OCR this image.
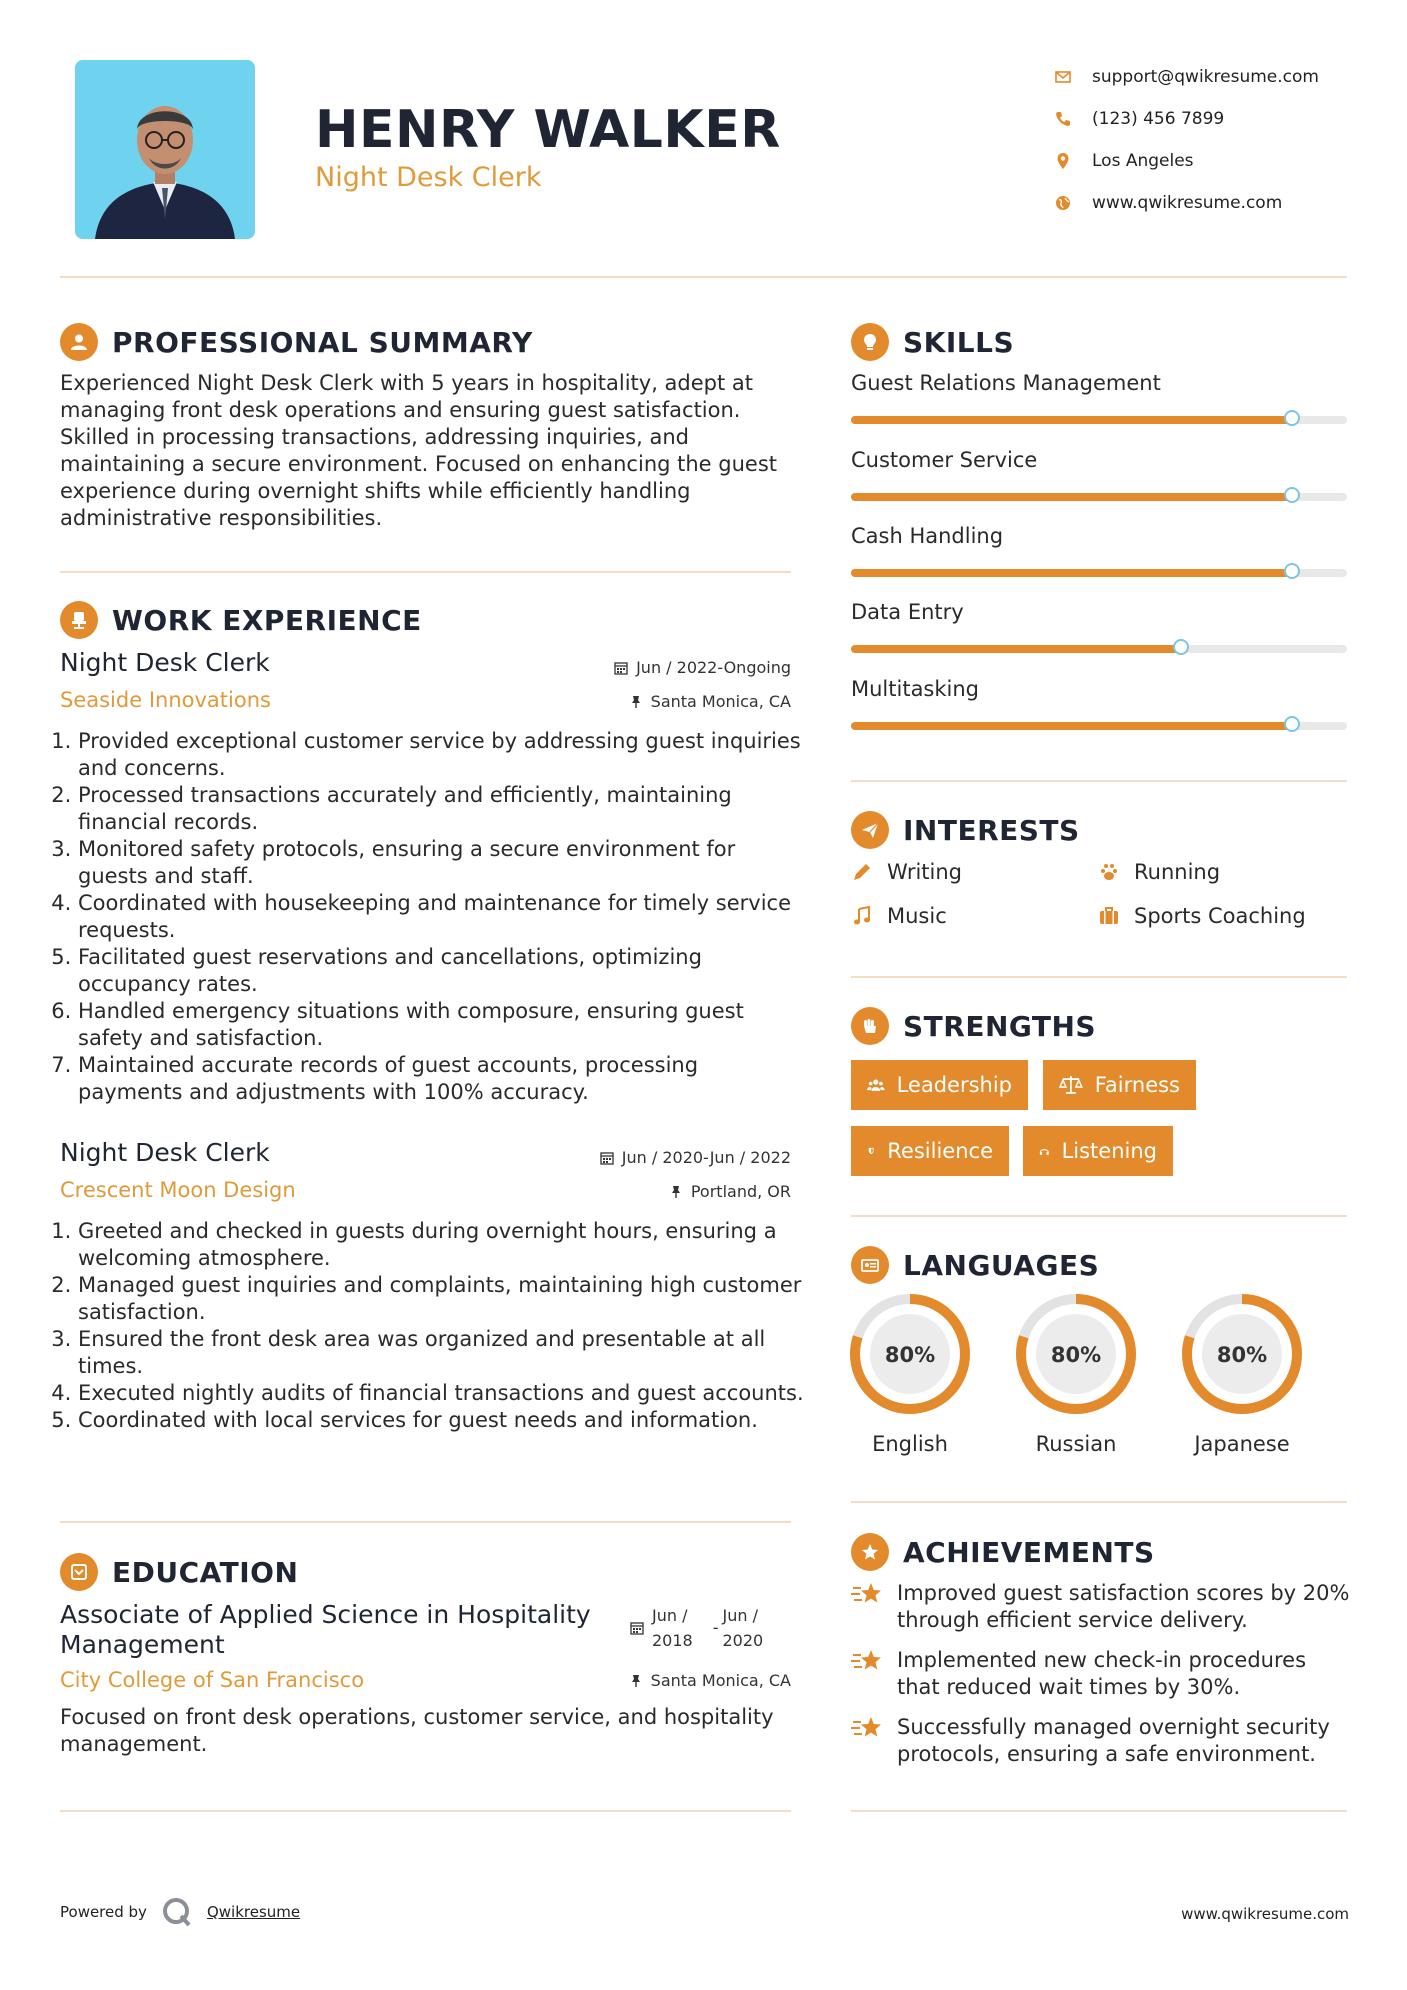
HENRY WALKER
Night Desk Clerk
support@qwikresume.com
(123) 456 7899
Los Angeles
www.qwikresume.com
PROFESSIONAL SUMMARY
Experienced Night Desk Clerk with 5 years in hospitality, adept at managing front desk operations and ensuring guest satisfaction. Skilled in processing transactions, addressing inquiries, and maintaining a secure environment. Focused on enhancing the guest experience during overnight shifts while efficiently handling administrative responsibilities.
WORK EXPERIENCE
Night Desk Clerk	Jun / 2022-Ongoing
Seaside Innovations	Santa Monica, CA
1. Provided exceptional customer service by addressing guest inquiries and concerns.
2. Processed transactions accurately and efficiently, maintaining financial records.
3. Monitored safety protocols, ensuring a secure environment for guests and staff.
4. Coordinated with housekeeping and maintenance for timely service requests.
5. Facilitated guest reservations and cancellations, optimizing occupancy rates.
6. Handled emergency situations with composure, ensuring guest safety and satisfaction.
7. Maintained accurate records of guest accounts, processing payments and adjustments with 100% accuracy.
Night Desk Clerk	Jun / 2020-Jun / 2022
Crescent Moon Design	Portland, OR
1. Greeted and checked in guests during overnight hours, ensuring a welcoming atmosphere.
2. Managed guest inquiries and complaints, maintaining high customer satisfaction.
3. Ensured the front desk area was organized and presentable at all times.
4. Executed nightly audits of financial transactions and guest accounts.
5. Coordinated with local services for guest needs and information.
EDUCATION
Associate of Applied Science in Hospitality Management
Jun /
2018
-
Jun /
2020
City College of San Francisco	Santa Monica, CA
Focused on front desk operations, customer service, and hospitality management.
SKILLS
Guest Relations Management
Customer Service
Cash Handling
Data Entry
Multitasking
INTERESTS
Writing	Running
Music	Sports Coaching
STRENGTHS
Leadership	Fairness
Resilience	Listening
LANGUAGES
80%
English
80%
Russian
80%
Japanese
ACHIEVEMENTS
Improved guest satisfaction scores by 20% through efficient service delivery.
Implemented new check-in procedures that reduced wait times by 30%.
Successfully managed overnight security protocols, ensuring a safe environment.
Powered by	Qwikresume	www.qwikresume.com
